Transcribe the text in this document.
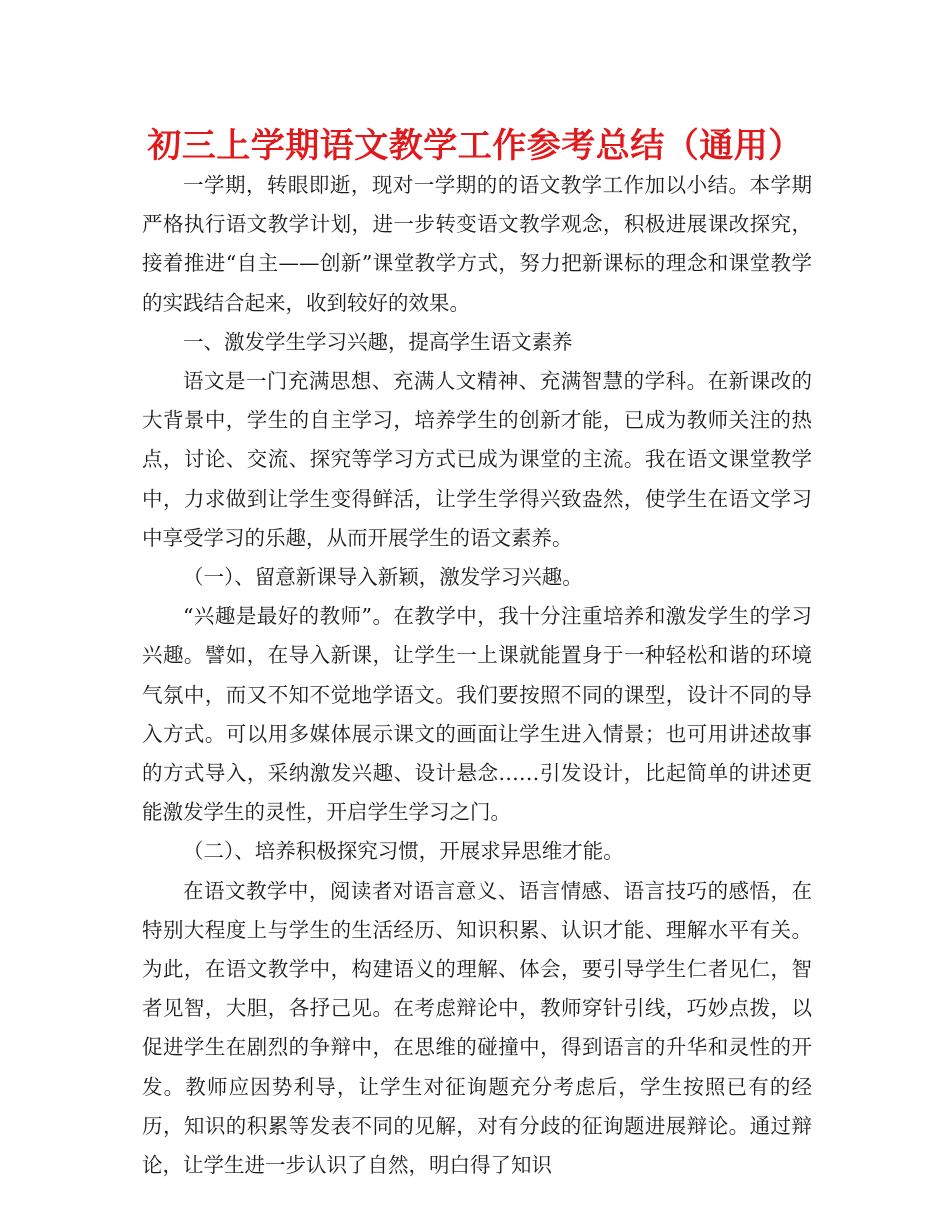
初三上学期语文教学工作参考总结（通用）

一学期，转眼即逝，现对一学期的的语文教学工作加以小结。本学期严格执行语文教学计划，进一步转变语文教学观念，积极进展课改探究，接着推进“自主——创新”课堂教学方式，努力把新课标的理念和课堂教学的实践结合起来，收到较好的效果。

一、激发学生学习兴趣，提高学生语文素养

语文是一门充满思想、充满人文精神、充满智慧的学科。在新课改的大背景中，学生的自主学习，培养学生的创新才能，已成为教师关注的热点，讨论、交流、探究等学习方式已成为课堂的主流。我在语文课堂教学中，力求做到让学生变得鲜活，让学生学得兴致盎然，使学生在语文学习中享受学习的乐趣，从而开展学生的语文素养。

（一）、留意新课导入新颖，激发学习兴趣。

“兴趣是最好的教师”。在教学中，我十分注重培养和激发学生的学习兴趣。譬如，在导入新课，让学生一上课就能置身于一种轻松和谐的环境气氛中，而又不知不觉地学语文。我们要按照不同的课型，设计不同的导入方式。可以用多媒体展示课文的画面让学生进入情景；也可用讲述故事的方式导入，采纳激发兴趣、设计悬念……引发设计，比起简单的讲述更能激发学生的灵性，开启学生学习之门。

（二）、培养积极探究习惯，开展求异思维才能。

在语文教学中，阅读者对语言意义、语言情感、语言技巧的感悟，在特别大程度上与学生的生活经历、知识积累、认识才能、理解水平有关。为此，在语文教学中，构建语义的理解、体会，要引导学生仁者见仁，智者见智，大胆，各抒己见。在考虑辩论中，教师穿针引线，巧妙点拨，以促进学生在剧烈的争辩中，在思维的碰撞中，得到语言的升华和灵性的开发。教师应因势利导，让学生对征询题充分考虑后，学生按照已有的经历，知识的积累等发表不同的见解，对有分歧的征询题进展辩论。通过辩论，让学生进一步认识了自然，明白得了知识
